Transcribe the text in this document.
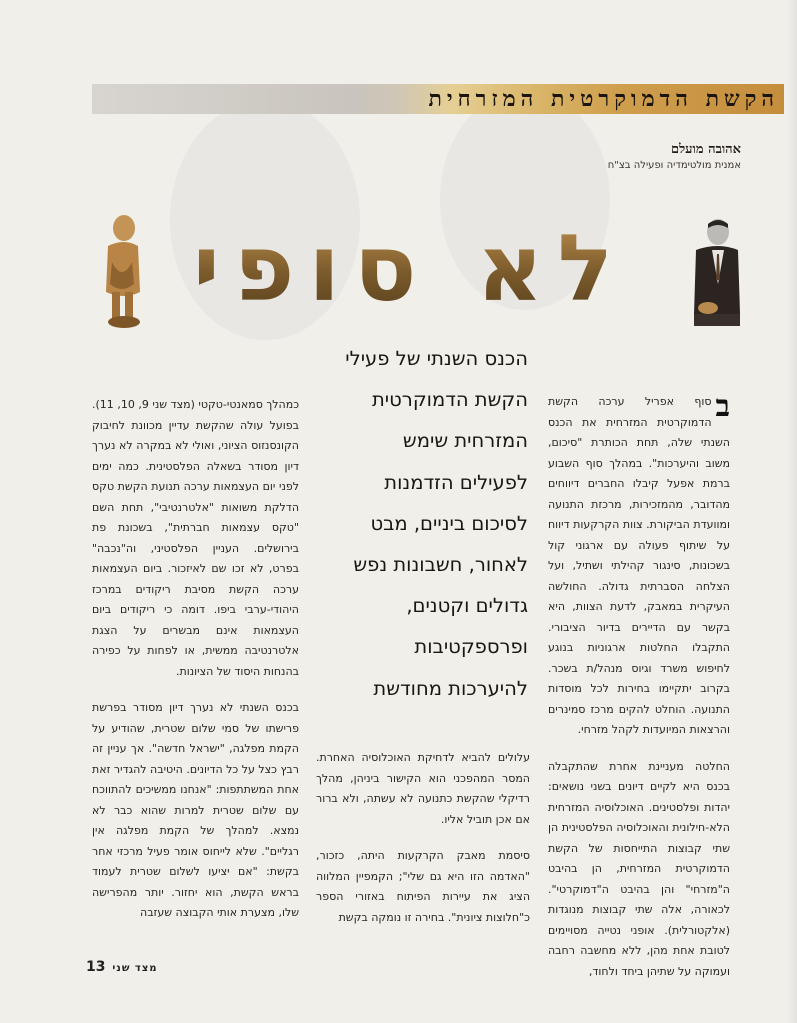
הקשת הדמוקרטית המזרחית
אהובה מועלם
אמנית מולטימדיה ופעילה בצ"ח
לא סופי

ב
סוף אפריל ערכה הקשת הדמוקרטית המזרחית את הכנס השנתי שלה, תחת הכותרת "סיכום, משוב והיערכות". במהלך סוף השבוע ברמת אפעל קיבלו החברים דיווחים מהדובר, מהמזכירות, מרכזת התנועה ומוועדת הביקורת. צוות הקרקעות דיווח על שיתוף פעולה עם ארגוני קול בשכונות, סינגור קהילתי ושתיל, ועל הצלחה הסברתית גדולה. החולשה העיקרית במאבק, לדעת הצוות, היא בקשר עם הדיירים בדיור הציבורי. התקבלו החלטות ארגוניות בנוגע לחיפוש משרד וגיוס מנהל/ת בשכר. בקרוב יתקיימו בחירות לכל מוסדות התנועה. הוחלט להקים מרכז סמינרים והרצאות המיועדות לקהל מזרחי.

החלטה מעניינת אחרת שהתקבלה בכנס היא לקיים דיונים בשני נושאים: יהדות ופלסטינים. האוכלוסיה המזרחית הלא-חילונית והאוכלוסיה הפלסטינית הן שתי קבוצות התייחסות של הקשת הדמוקרטית המזרחית, הן בהיבט ה"מזרחי" והן בהיבט ה"דמוקרטי". לכאורה, אלה שתי קבוצות מנוגדות (אלקטורלית). אופני נטייה מסויימים לטובת אחת מהן, ללא מחשבה רחבה ועמוקה על שתיהן ביחד ולחוד,

הכנס השנתי של פעילי
הקשת הדמוקרטית
המזרחית שימש
לפעילים הזדמנות
לסיכום ביניים, מבט
לאחור, חשבונות נפש
גדולים וקטנים,
ופרספקטיבות
להיערכות מחודשת

עלולים להביא לדחיקת האוכלוסיה האחרת. המסר המהפכני הוא הקישור ביניהן, מהלך רדיקלי שהקשת כתנועה לא עשתה, ולא ברור אם אכן תוביל אליו.

סיסמת מאבק הקרקעות היתה, כזכור, "האדמה הזו היא גם שלי"; הקמפיין המלווה הציג את עיירות הפיתוח באזורי הספר כ"חלוצות ציונית". בחירה זו נומקה בקשת

כמהלך סמאנטי-טקטי (מצד שני 9, 10, 11). בפועל עולה שהקשת עדיין מכוונת לחיבוק הקונסנזוס הציוני, ואולי לא במקרה לא נערך דיון מסודר בשאלה הפלסטינית. כמה ימים לפני יום העצמאות ערכה תנועת הקשת טקס הדלקת משואות "אלטרנטיבי", תחת השם "טקס עצמאות חברתית", בשכונת פת בירושלים. העניין הפלסטיני, וה"נכבה" בפרט, לא זכו שם לאיזכור. ביום העצמאות ערכה הקשת מסיבת ריקודים במרכז היהודי-ערבי ביפו. דומה כי ריקודים ביום העצמאות אינם מבשרים על הצגת אלטרנטיבה ממשית, או לפחות על כפירה בהנחות היסוד של הציונות.

בכנס השנתי לא נערך דיון מסודר בפרשת פרישתו של סמי שלום שטרית, שהודיע על הקמת מפלגה, "ישראל חדשה". אך עניין זה רבץ כצל על כל הדיונים. היטיבה להגדיר זאת אחת המשתתפות: "אנחנו ממשיכים להתווכח עם שלום שטרית למרות שהוא כבר לא נמצא. למהלך של הקמת מפלגה אין רגליים". שלא לייחוס אומר פעיל מרכזי אחר בקשת: "אם יציעו לשלום שטרית לעמוד בראש הקשת, הוא יחזור. יותר מהפרישה שלו, מצערת אותי הקבוצה שעזבה

13 מצד שני
